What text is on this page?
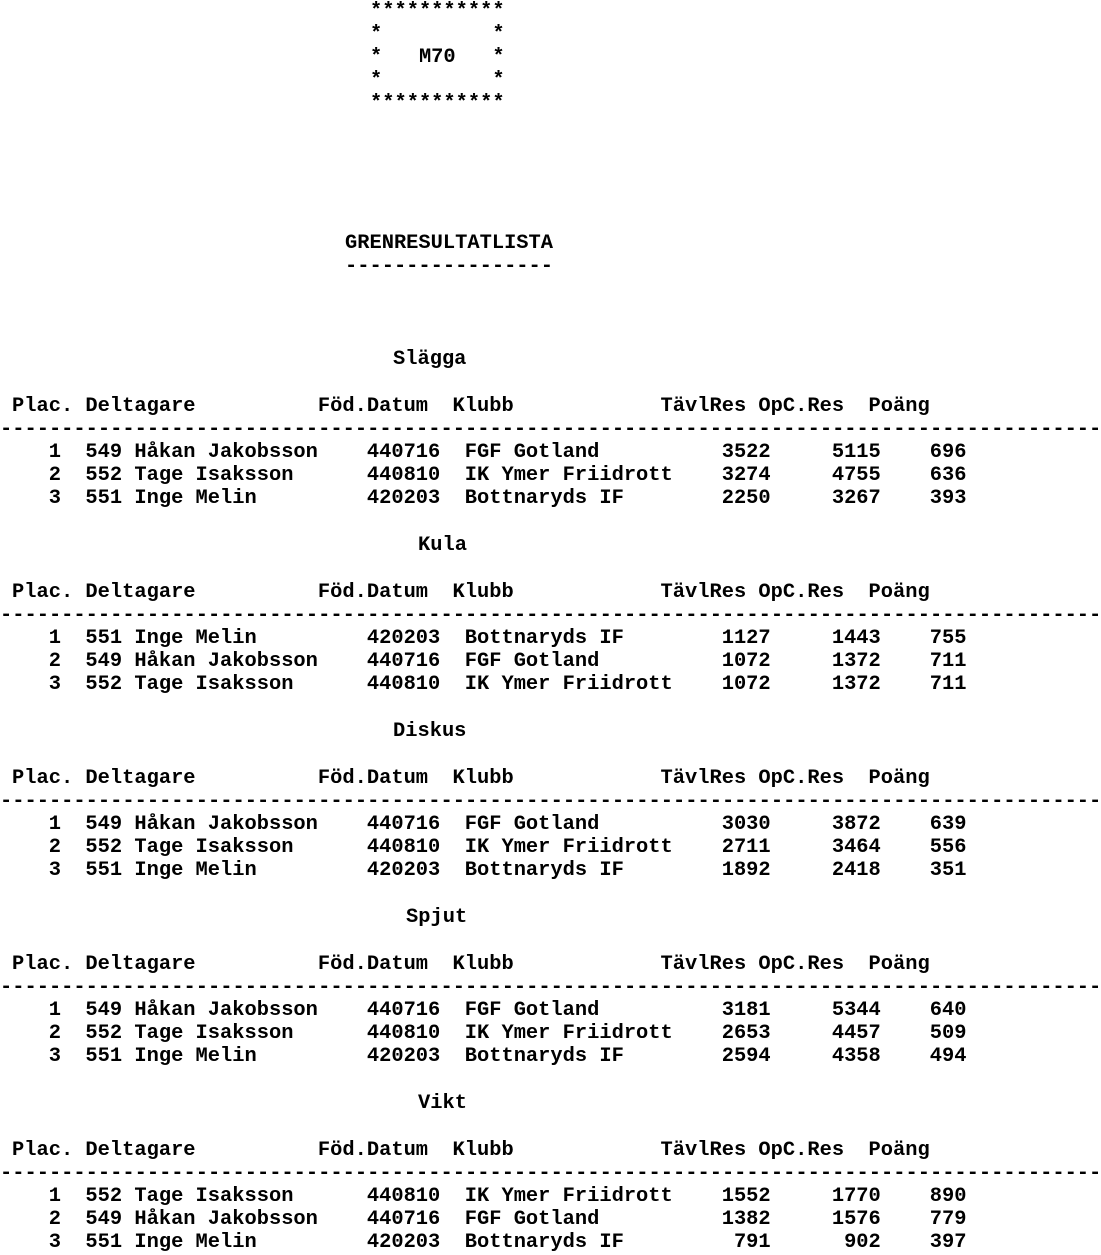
***********
*         *
*   M70   *
*         *
***********
GRENRESULTATLISTA
-----------------
Slägga
Plac. Deltagare          Föd.Datum  Klubb            TävlRes OpC.Res  Poäng
------------------------------------------------------------------------------------------
1  549 Håkan Jakobsson    440716  FGF Gotland          3522     5115    696
2  552 Tage Isaksson      440810  IK Ymer Friidrott    3274     4755    636
3  551 Inge Melin         420203  Bottnaryds IF        2250     3267    393
Kula
Plac. Deltagare          Föd.Datum  Klubb            TävlRes OpC.Res  Poäng
------------------------------------------------------------------------------------------
1  551 Inge Melin         420203  Bottnaryds IF        1127     1443    755
2  549 Håkan Jakobsson    440716  FGF Gotland          1072     1372    711
3  552 Tage Isaksson      440810  IK Ymer Friidrott    1072     1372    711
Diskus
Plac. Deltagare          Föd.Datum  Klubb            TävlRes OpC.Res  Poäng
------------------------------------------------------------------------------------------
1  549 Håkan Jakobsson    440716  FGF Gotland          3030     3872    639
2  552 Tage Isaksson      440810  IK Ymer Friidrott    2711     3464    556
3  551 Inge Melin         420203  Bottnaryds IF        1892     2418    351
Spjut
Plac. Deltagare          Föd.Datum  Klubb            TävlRes OpC.Res  Poäng
------------------------------------------------------------------------------------------
1  549 Håkan Jakobsson    440716  FGF Gotland          3181     5344    640
2  552 Tage Isaksson      440810  IK Ymer Friidrott    2653     4457    509
3  551 Inge Melin         420203  Bottnaryds IF        2594     4358    494
Vikt
Plac. Deltagare          Föd.Datum  Klubb            TävlRes OpC.Res  Poäng
------------------------------------------------------------------------------------------
1  552 Tage Isaksson      440810  IK Ymer Friidrott    1552     1770    890
2  549 Håkan Jakobsson    440716  FGF Gotland          1382     1576    779
3  551 Inge Melin         420203  Bottnaryds IF         791      902    397
